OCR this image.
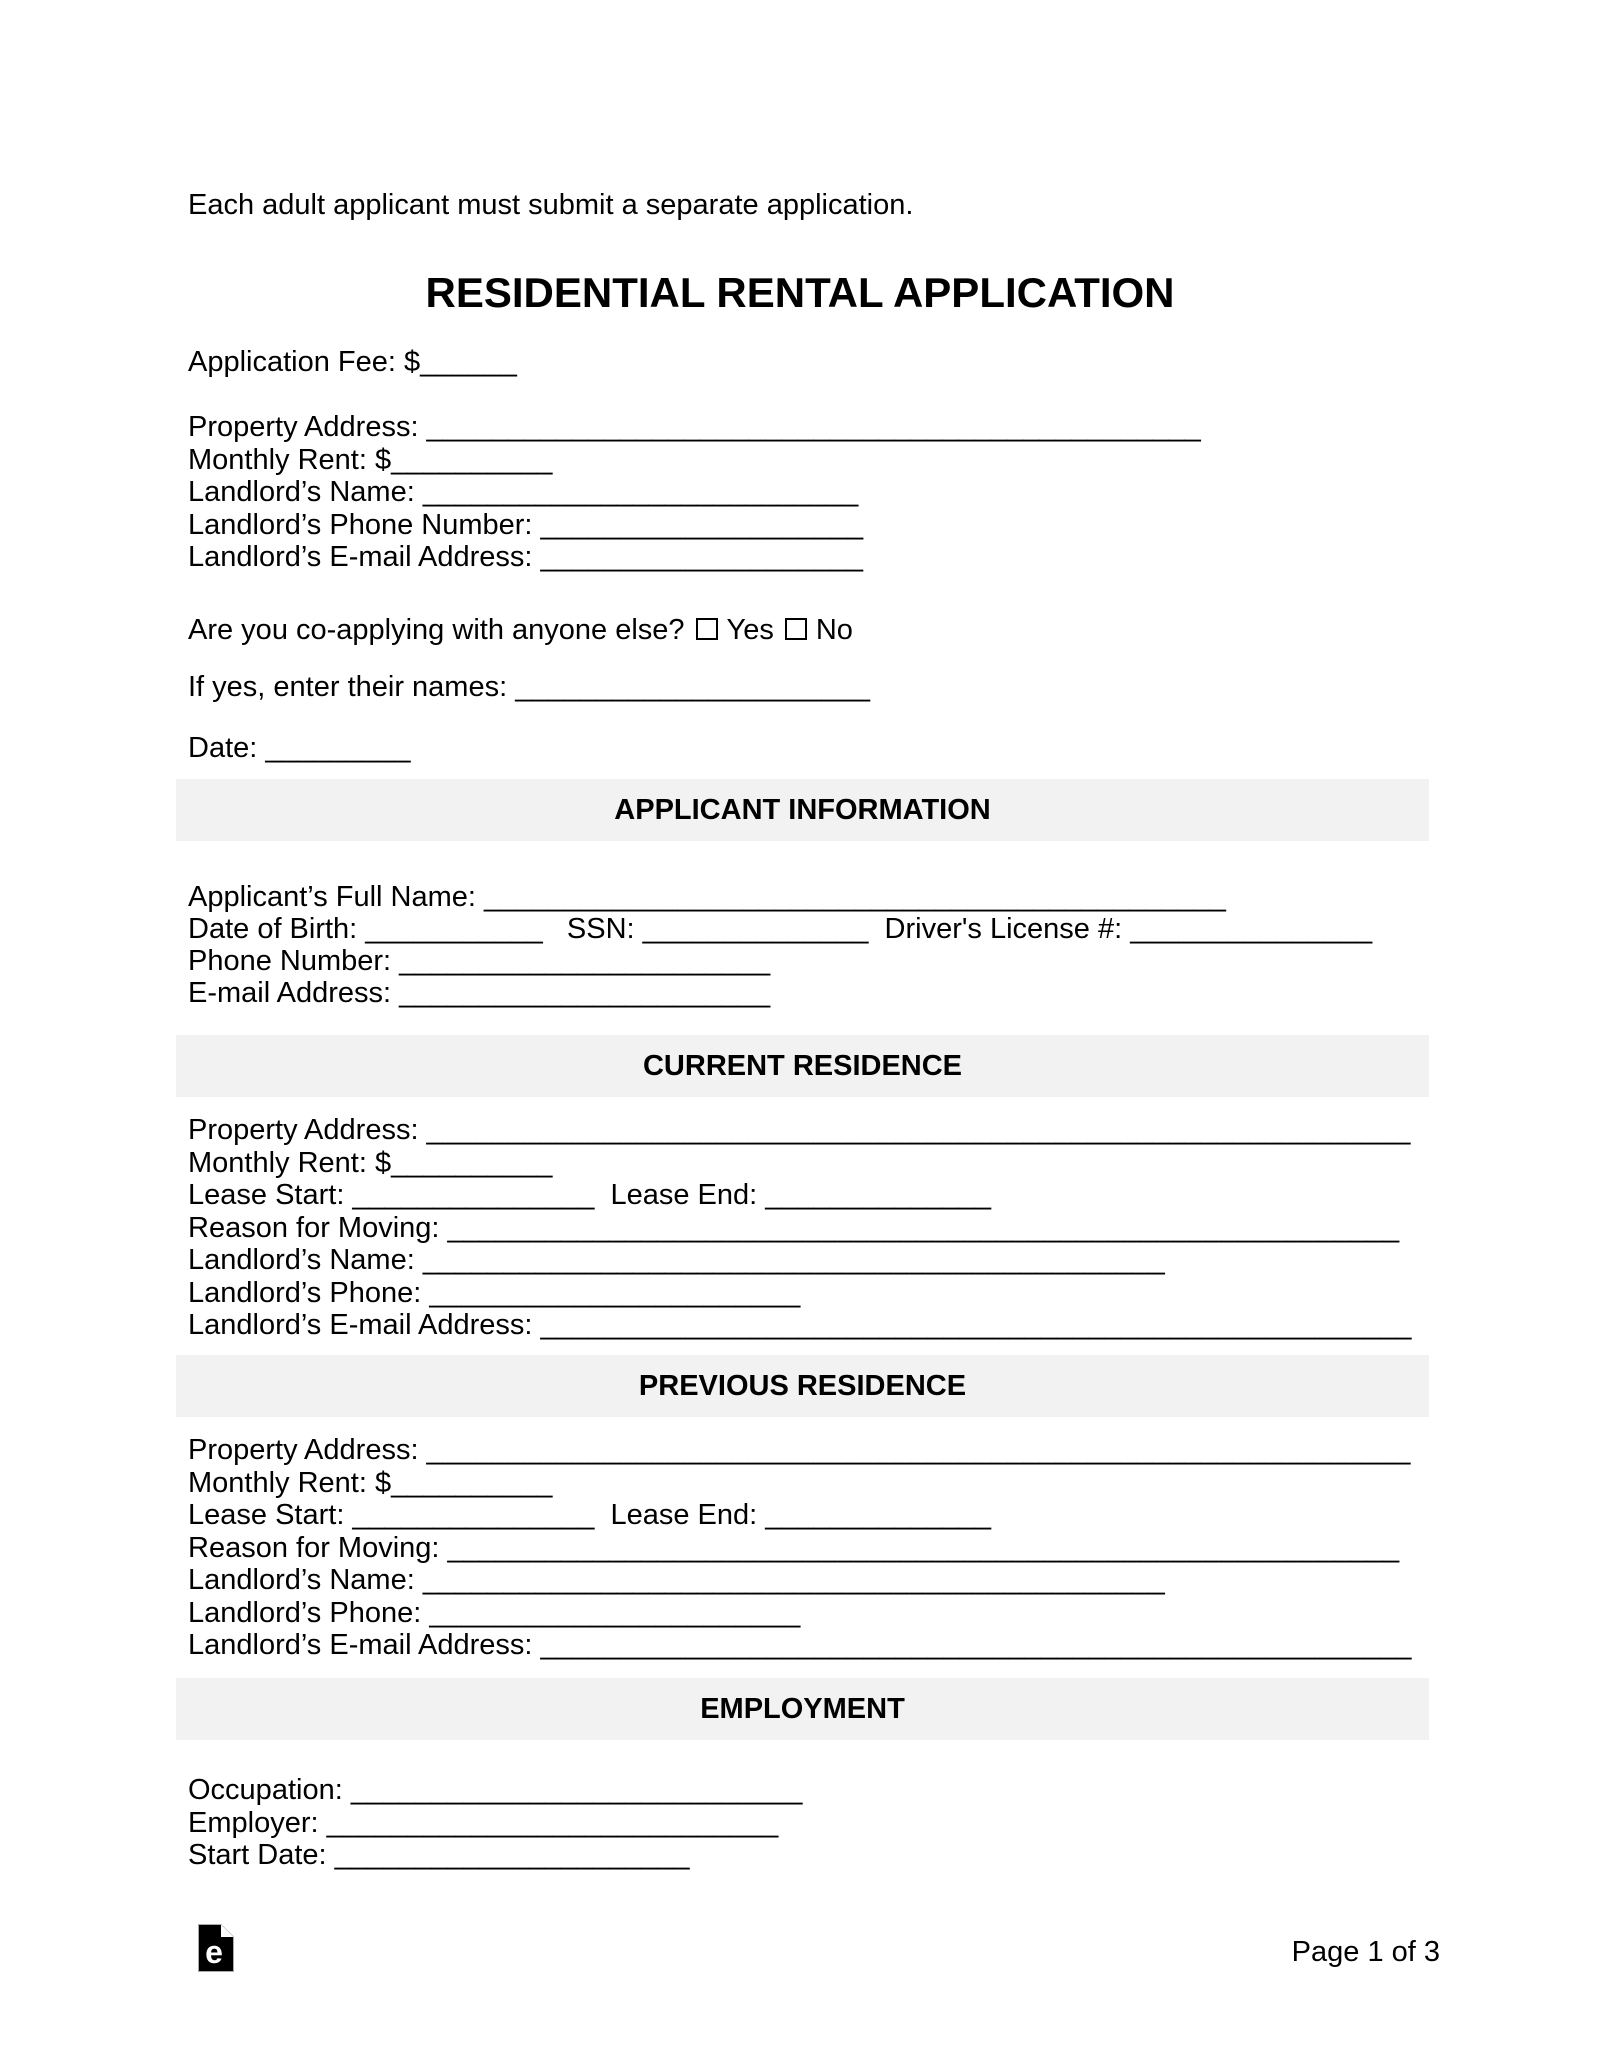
Each adult applicant must submit a separate application.
RESIDENTIAL RENTAL APPLICATION
Application Fee: $______
Property Address: ________________________________________________
Monthly Rent: $__________
Landlord’s Name: ___________________________
Landlord’s Phone Number: ____________________
Landlord’s E-mail Address: ____________________
Are you co-applying with anyone else? Yes No
If yes, enter their names: ______________________
Date: _________
APPLICANT INFORMATION
Applicant’s Full Name: ______________________________________________
Date of Birth: ___________   SSN: ______________  Driver's License #: _______________
Phone Number: _______________________
E-mail Address: _______________________
CURRENT RESIDENCE
Property Address: _____________________________________________________________
Monthly Rent: $__________
Lease Start: _______________  Lease End: ______________
Reason for Moving: ___________________________________________________________
Landlord’s Name: ______________________________________________
Landlord’s Phone: _______________________
Landlord’s E-mail Address: ______________________________________________________
PREVIOUS RESIDENCE
Property Address: _____________________________________________________________
Monthly Rent: $__________
Lease Start: _______________  Lease End: ______________
Reason for Moving: ___________________________________________________________
Landlord’s Name: ______________________________________________
Landlord’s Phone: _______________________
Landlord’s E-mail Address: ______________________________________________________
EMPLOYMENT
Occupation: ____________________________
Employer: ____________________________
Start Date: ______________________
e	Page 1 of 3
